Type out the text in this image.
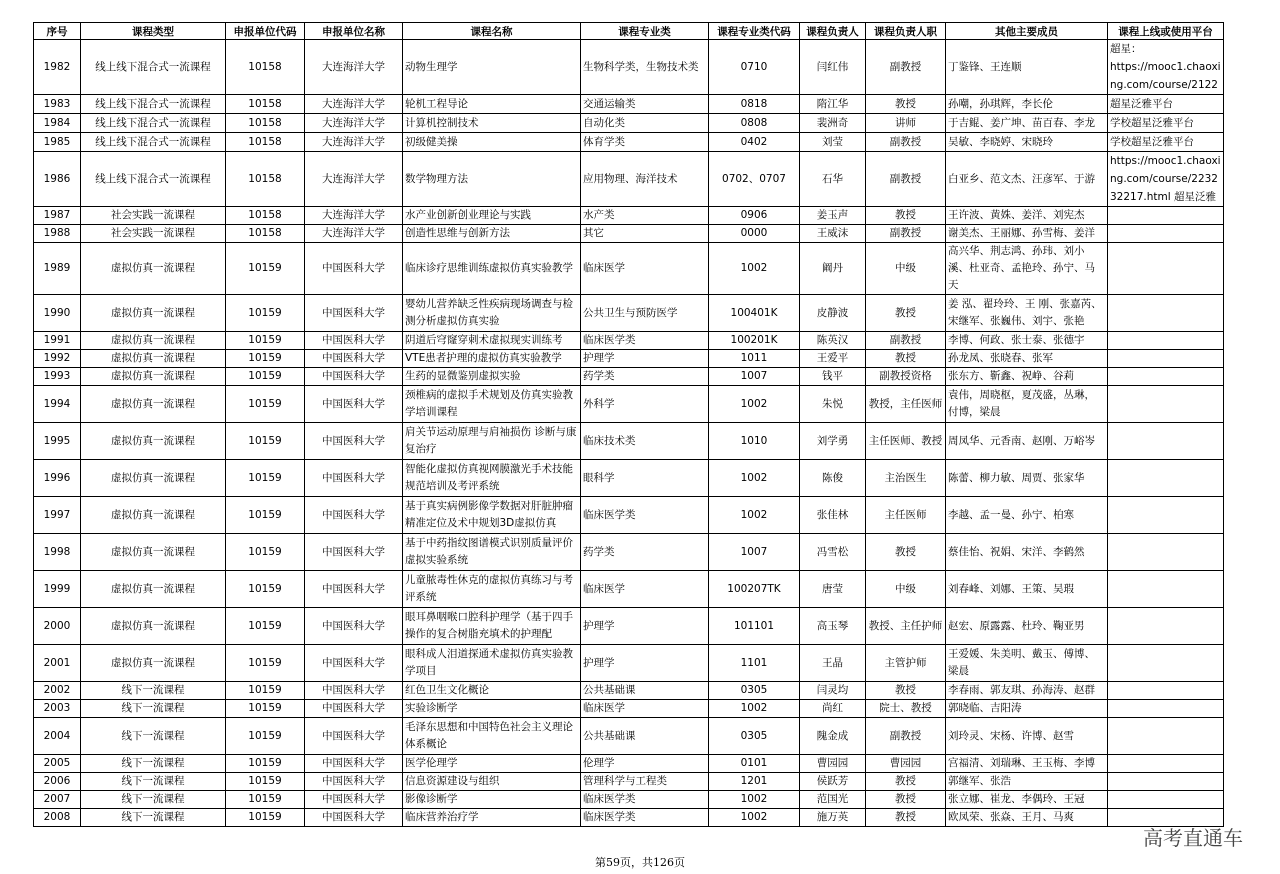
序号	课程类型	申报单位代码	申报单位名称	课程名称	课程专业类	课程专业类代码	课程负责人	课程负责人职	其他主要成员	课程上线或使用平台
1982	线上线下混合式一流课程	10158	大连海洋大学	动物生理学	生物科学类，生物技术类	0710	闫红伟	副教授	丁鉴锋、王连顺	超星：
https://mooc1.chaoxing.com/course/2122
1983	线上线下混合式一流课程	10158	大连海洋大学	轮机工程导论	交通运输类	0818	隋江华	教授	孙嘲，孙琪辉，李长伦	超星泛雅平台
1984	线上线下混合式一流课程	10158	大连海洋大学	计算机控制技术	自动化类	0808	裴洲奇	讲师	于吉鲲、姜广坤、苗百春、李龙	学校超星泛雅平台
1985	线上线下混合式一流课程	10158	大连海洋大学	初级健美操	体育学类	0402	刘莹	副教授	吴敏、李晓婷、宋晓玲	学校超星泛雅平台
1986	线上线下混合式一流课程	10158	大连海洋大学	数学物理方法	应用物理、海洋技术	0702、0707	石华	副教授	白亚乡、范文杰、汪彦军、于游	https://mooc1.chaoxing.com/course/223232217.html 超星泛雅
1987	社会实践一流课程	10158	大连海洋大学	水产业创新创业理论与实践	水产类	0906	姜玉声	教授	王许波、黄姝、姜洋、刘宪杰	
1988	社会实践一流课程	10158	大连海洋大学	创造性思维与创新方法	其它	0000	王威沫	副教授	谢美杰、王丽娜、孙雪梅、姜洋	
1989	虚拟仿真一流课程	10159	中国医科大学	临床诊疗思维训练虚拟仿真实验教学	临床医学	1002	阚丹	中级	高兴华、荆志鸿、孙玮、刘小溪、杜亚奇、孟艳玲、孙宁、马天	
1990	虚拟仿真一流课程	10159	中国医科大学	婴幼儿营养缺乏性疾病现场调查与检测分析虚拟仿真实验	公共卫生与预防医学	100401K	皮静波	教授	姜 泓、翟玲玲、王 刚、张嘉芮、宋继军、张巍伟、刘宇、张艳	
1991	虚拟仿真一流课程	10159	中国医科大学	阴道后穹窿穿刺术虚拟现实训练考	临床医学类	100201K	陈英汉	副教授	李博、何政、张士泰、张德宇	
1992	虚拟仿真一流课程	10159	中国医科大学	VTE患者护理的虚拟仿真实验教学	护理学	1011	王爱平	教授	孙龙凤、张晓春、张军	
1993	虚拟仿真一流课程	10159	中国医科大学	生药的显微鉴别虚拟实验	药学类	1007	钱平	副教授资格	张东方、靳鑫、祝峥、谷莉	
1994	虚拟仿真一流课程	10159	中国医科大学	颈椎病的虚拟手术规划及仿真实验教学培训课程	外科学	1002	朱悦	教授，主任医师	袁伟，周晓枢，夏茂盛，丛琳，付博，梁晨	
1995	虚拟仿真一流课程	10159	中国医科大学	肩关节运动原理与肩袖损伤 诊断与康复治疗	临床技术类	1010	刘学勇	主任医师、教授	周凤华、元香南、赵刚、万峪岑	
1996	虚拟仿真一流课程	10159	中国医科大学	智能化虚拟仿真视网膜激光手术技能规范培训及考评系统	眼科学	1002	陈俊	主治医生	陈蕾、柳力敏、周贾、张家华	
1997	虚拟仿真一流课程	10159	中国医科大学	基于真实病例影像学数据对肝脏肿瘤精准定位及术中规划3D虚拟仿真	临床医学类	1002	张佳林	主任医师	李越、孟一曼、孙宁、柏寒	
1998	虚拟仿真一流课程	10159	中国医科大学	基于中药指纹图谱模式识别质量评价虚拟实验系统	药学类	1007	冯雪松	教授	蔡佳怡、祝娟、宋洋、李鹤然	
1999	虚拟仿真一流课程	10159	中国医科大学	儿童脓毒性休克的虚拟仿真练习与考评系统	临床医学	100207TK	唐莹	中级	刘春峰、刘娜、王策、吴瑕	
2000	虚拟仿真一流课程	10159	中国医科大学	眼耳鼻咽喉口腔科护理学（基于四手操作的复合树脂充填术的护理配	护理学	101101	高玉琴	教授、主任护师	赵宏、原露露、杜玲、鞠亚男	
2001	虚拟仿真一流课程	10159	中国医科大学	眼科成人泪道探通术虚拟仿真实验教学项目	护理学	1101	王晶	主管护师	王爱媛、朱美明、戴玉、傅博、梁晨	
2002	线下一流课程	10159	中国医科大学	红色卫生文化概论	公共基础课	0305	闫灵均	教授	李春雨、郭友琪、孙海涛、赵群	
2003	线下一流课程	10159	中国医科大学	实验诊断学	临床医学	1002	尚红	院士、教授	郭晓临、吉阳涛	
2004	线下一流课程	10159	中国医科大学	毛泽东思想和中国特色社会主义理论体系概论	公共基础课	0305	隗金成	副教授	刘玲灵、宋杨、许博、赵雪	
2005	线下一流课程	10159	中国医科大学	医学伦理学	伦理学	0101	曹园园	曹园园	宫福清、刘瑞琳、王玉梅、李博	
2006	线下一流课程	10159	中国医科大学	信息资源建设与组织	管理科学与工程类	1201	侯跃芳	教授	郭继军、张浩	
2007	线下一流课程	10159	中国医科大学	影像诊断学	临床医学类	1002	范国光	教授	张立娜、崔龙、李偶玲、王冠	
2008	线下一流课程	10159	中国医科大学	临床营养治疗学	临床医学类	1002	施万英	教授	欧凤荣、张焱、王月、马爽	
高考直通车
第59页，共126页
